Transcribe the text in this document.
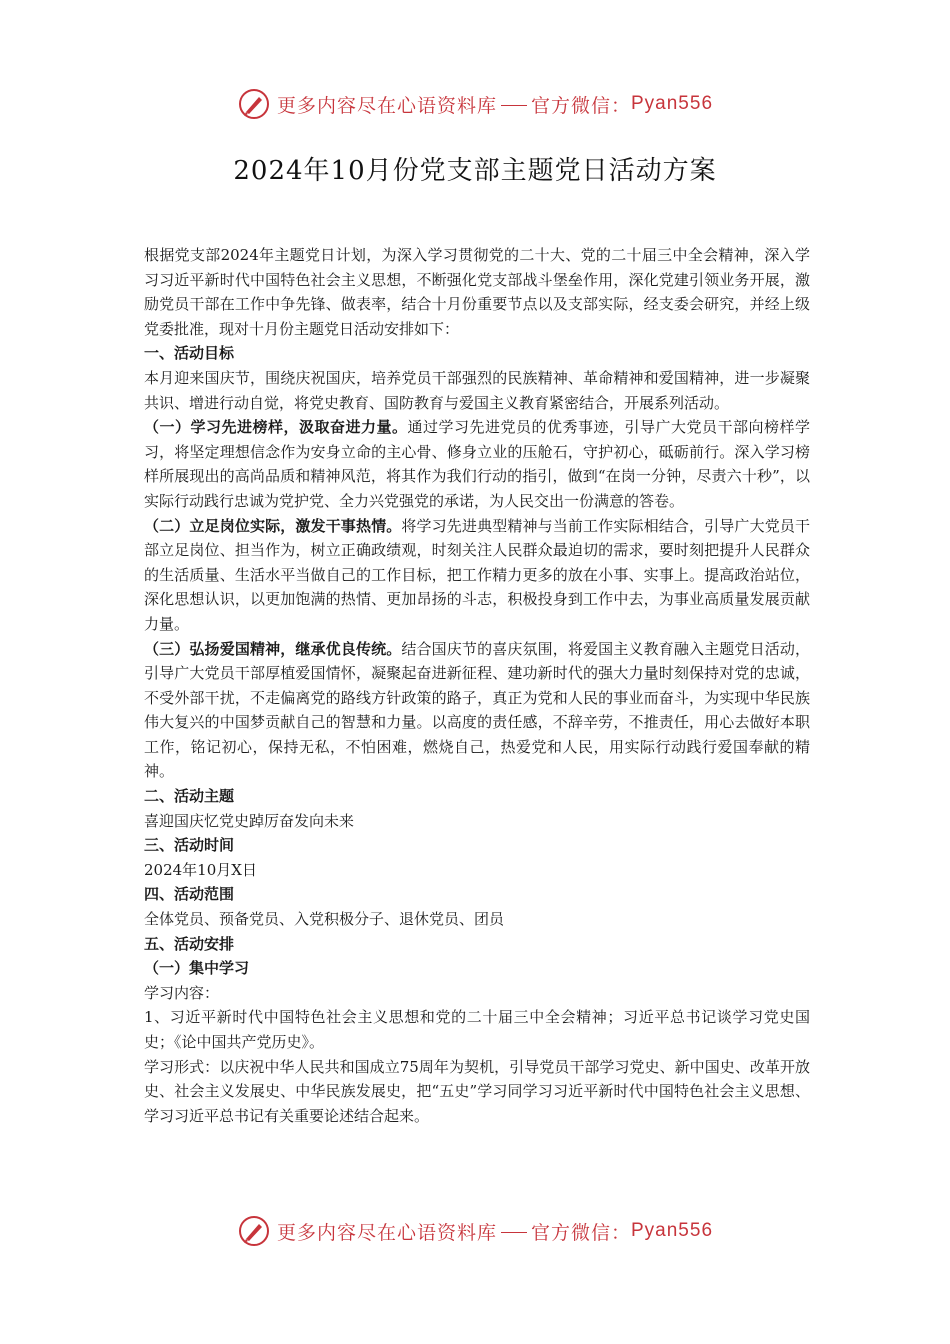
更多内容尽在心语资料库 官方微信： Pyan556
2024年10月份党支部主题党日活动方案

根据党支部2024年主题党日计划，为深入学习贯彻党的二十大、党的二十届三中全会精神，深入学习习近平新时代中国特色社会主义思想，不断强化党支部战斗堡垒作用，深化党建引领业务开展，激励党员干部在工作中争先锋、做表率，结合十月份重要节点以及支部实际，经支委会研究，并经上级党委批准，现对十月份主题党日活动安排如下：

一、活动目标

本月迎来国庆节，围绕庆祝国庆，培养党员干部强烈的民族精神、革命精神和爱国精神，进一步凝聚共识、增进行动自觉，将党史教育、国防教育与爱国主义教育紧密结合，开展系列活动。

（一）学习先进榜样，汲取奋进力量。通过学习先进党员的优秀事迹，引导广大党员干部向榜样学习，将坚定理想信念作为安身立命的主心骨、修身立业的压舱石，守护初心，砥砺前行。深入学习榜样所展现出的高尚品质和精神风范，将其作为我们行动的指引，做到“在岗一分钟，尽责六十秒”，以实际行动践行忠诚为党护党、全力兴党强党的承诺，为人民交出一份满意的答卷。

（二）立足岗位实际，激发干事热情。将学习先进典型精神与当前工作实际相结合，引导广大党员干部立足岗位、担当作为，树立正确政绩观，时刻关注人民群众最迫切的需求，要时刻把提升人民群众的生活质量、生活水平当做自己的工作目标，把工作精力更多的放在小事、实事上。提高政治站位，深化思想认识，以更加饱满的热情、更加昂扬的斗志，积极投身到工作中去，为事业高质量发展贡献力量。

（三）弘扬爱国精神，继承优良传统。结合国庆节的喜庆氛围，将爱国主义教育融入主题党日活动，引导广大党员干部厚植爱国情怀，凝聚起奋进新征程、建功新时代的强大力量时刻保持对党的忠诚，不受外部干扰，不走偏离党的路线方针政策的路子，真正为党和人民的事业而奋斗，为实现中华民族伟大复兴的中国梦贡献自己的智慧和力量。以高度的责任感，不辞辛劳，不推责任，用心去做好本职工作，铭记初心，保持无私，不怕困难，燃烧自己，热爱党和人民，用实际行动践行爱国奉献的精神。

二、活动主题

喜迎国庆忆党史踔厉奋发向未来

三、活动时间

2024年10月X日

四、活动范围

全体党员、预备党员、入党积极分子、退休党员、团员

五、活动安排
（一）集中学习

学习内容：

1、习近平新时代中国特色社会主义思想和党的二十届三中全会精神；习近平总书记谈学习党史国史；《论中国共产党历史》。

学习形式：以庆祝中华人民共和国成立75周年为契机，引导党员干部学习党史、新中国史、改革开放史、社会主义发展史、中华民族发展史，把“五史”学习同学习习近平新时代中国特色社会主义思想、学习习近平总书记有关重要论述结合起来。

更多内容尽在心语资料库 官方微信： Pyan556
